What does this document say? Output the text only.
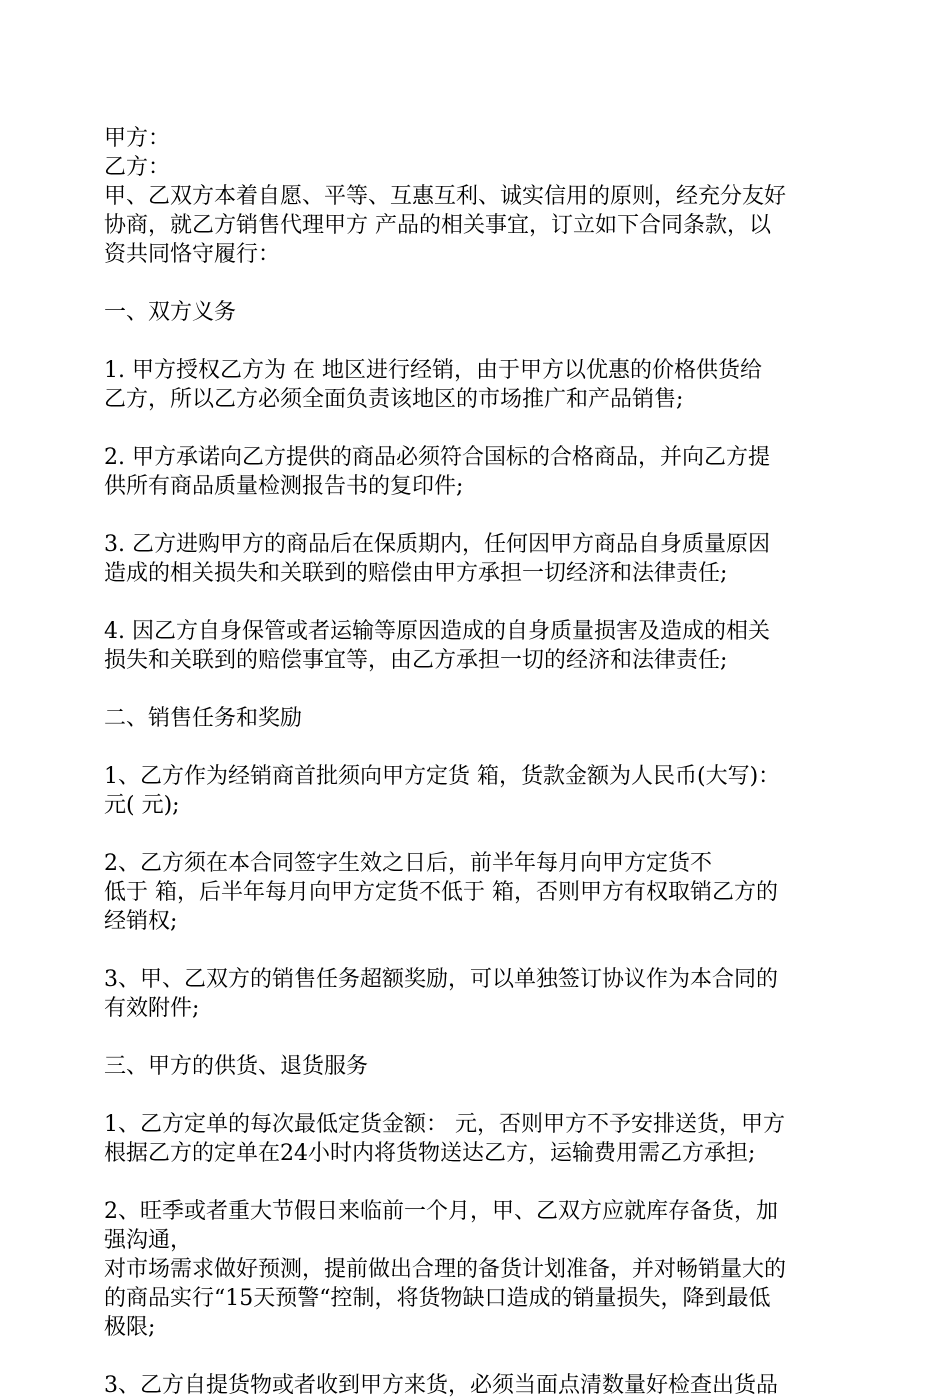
甲方：
乙方：
甲、乙双方本着自愿、平等、互惠互利、诚实信用的原则，经充分友好
协商，就乙方销售代理甲方 产品的相关事宜，订立如下合同条款，以
资共同恪守履行：
一、双方义务
1. 甲方授权乙方为 在 地区进行经销，由于甲方以优惠的价格供货给
乙方，所以乙方必须全面负责该地区的市场推广和产品销售;
2. 甲方承诺向乙方提供的商品必须符合国标的合格商品，并向乙方提
供所有商品质量检测报告书的复印件;
3. 乙方进购甲方的商品后在保质期内，任何因甲方商品自身质量原因
造成的相关损失和关联到的赔偿由甲方承担一切经济和法律责任;
4. 因乙方自身保管或者运输等原因造成的自身质量损害及造成的相关
损失和关联到的赔偿事宜等，由乙方承担一切的经济和法律责任;
二、销售任务和奖励
1、乙方作为经销商首批须向甲方定货 箱，货款金额为人民币(大写)：
元( 元);
2、乙方须在本合同签字生效之日后，前半年每月向甲方定货不
低于 箱，后半年每月向甲方定货不低于 箱，否则甲方有权取销乙方的
经销权;
3、甲、乙双方的销售任务超额奖励，可以单独签订协议作为本合同的
有效附件;
三、甲方的供货、退货服务
1、乙方定单的每次最低定货金额： 元，否则甲方不予安排送货，甲方
根据乙方的定单在24小时内将货物送达乙方，运输费用需乙方承担;
2、旺季或者重大节假日来临前一个月，甲、乙双方应就库存备货，加
强沟通，
对市场需求做好预测，提前做出合理的备货计划准备，并对畅销量大的
的商品实行“15天预警“控制，将货物缺口造成的销量损失，降到最低
极限;
3、乙方自提货物或者收到甲方来货，必须当面点清数量好检查出货品
